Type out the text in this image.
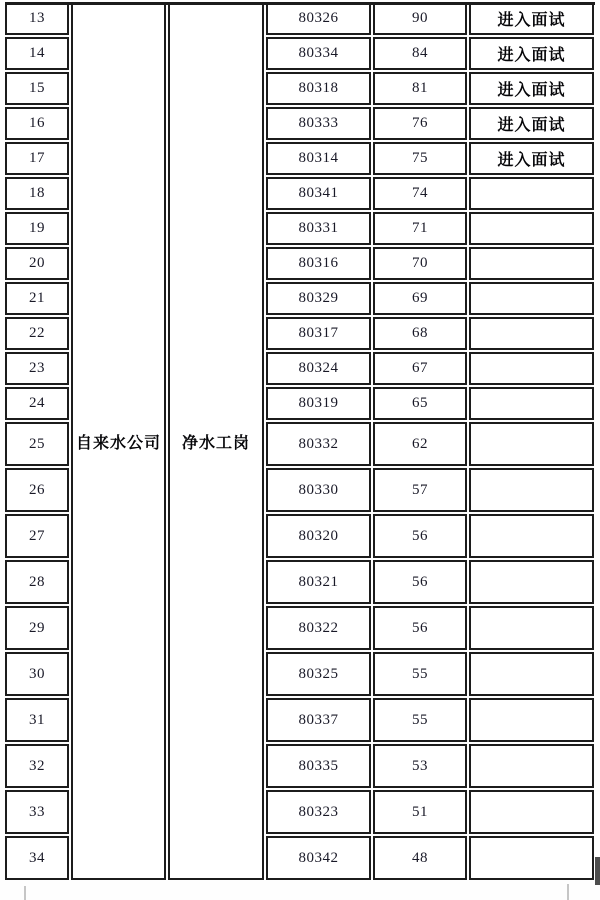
13	自来水公司	净水工岗	80326	90	进入面试
14			80334	84	进入面试
15			80318	81	进入面试
16			80333	76	进入面试
17			80314	75	进入面试
18			80341	74	
19			80331	71	
20			80316	70	
21			80329	69	
22			80317	68	
23			80324	67	
24			80319	65	
25			80332	62	
26			80330	57	
27			80320	56	
28			80321	56	
29			80322	56	
30			80325	55	
31			80337	55	
32			80335	53	
33			80323	51	
34			80342	48	
